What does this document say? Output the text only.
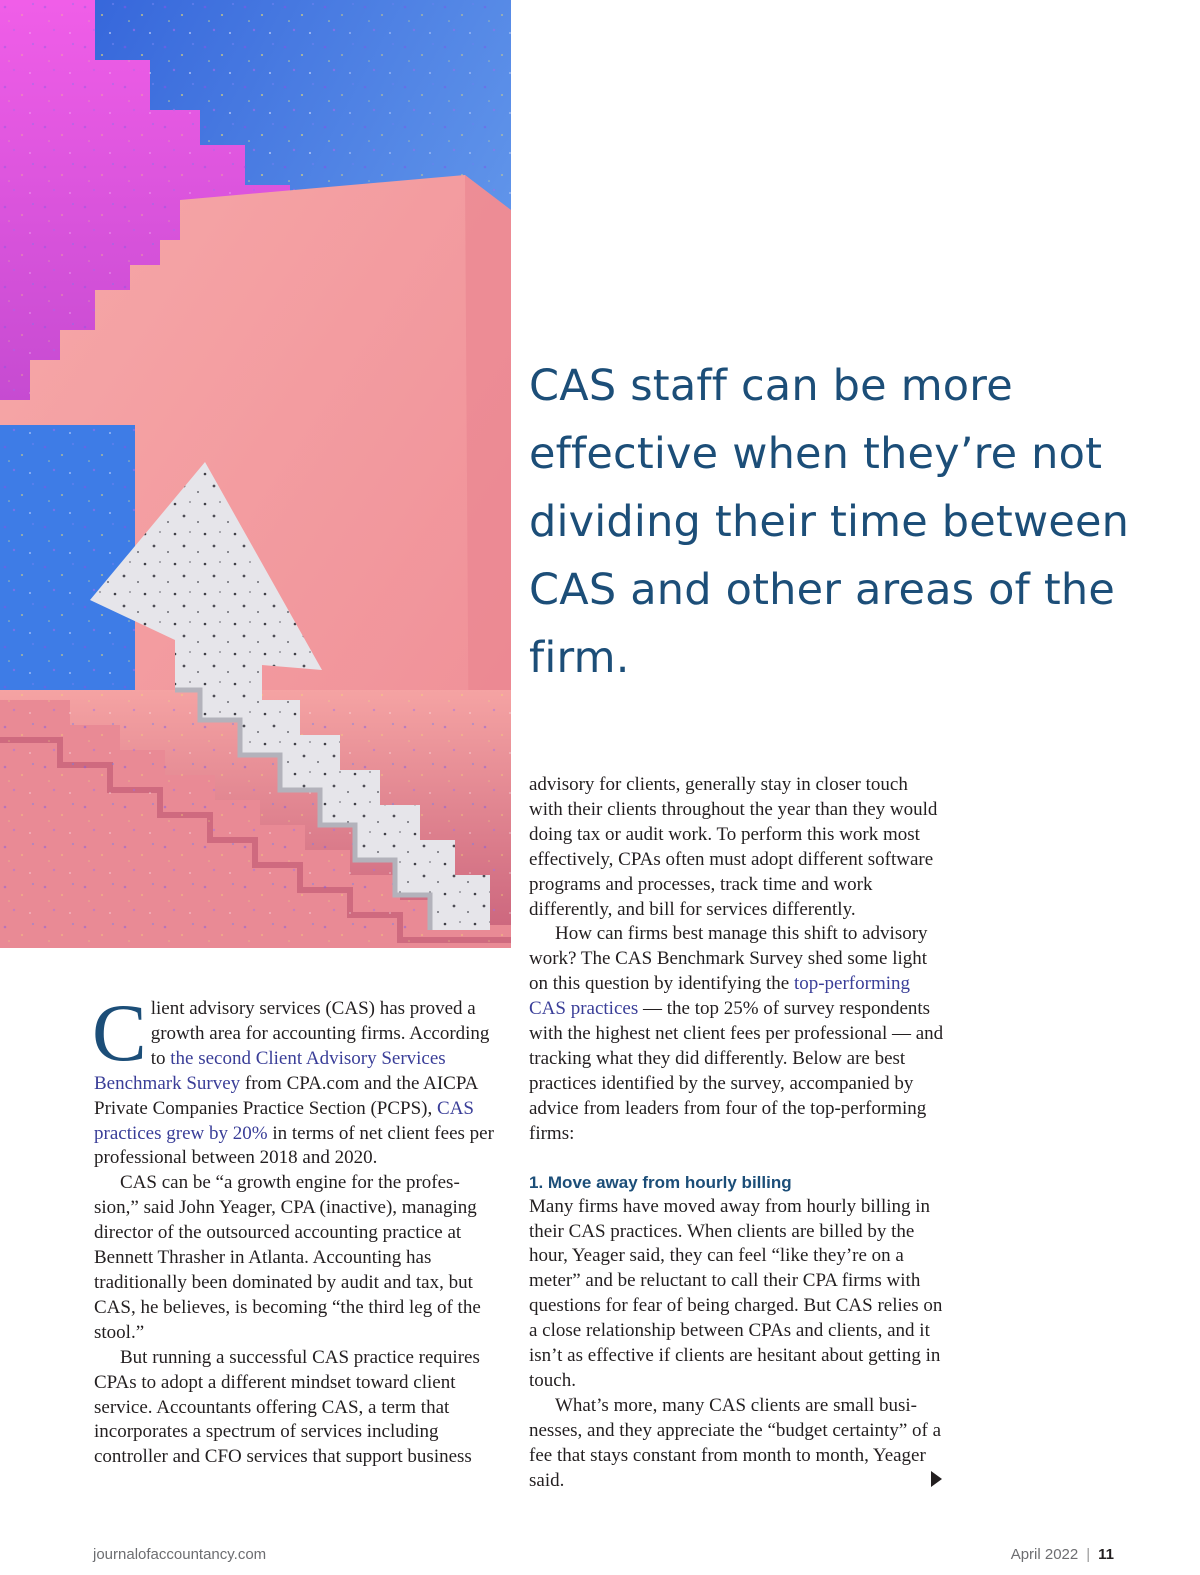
CAS staff can be more effective when they’re not dividing their time between CAS and other areas of the firm.

Client advisory services (CAS) has proved a growth area for accounting firms. According to the second Client Advisory Services Benchmark Survey from CPA.com and the AICPA Private Companies Practice Section (PCPS), CAS practices grew by 20% in terms of net client fees per professional between 2018 and 2020.

CAS can be “a growth engine for the profession,” said John Yeager, CPA (inactive), managing director of the outsourced accounting practice at Bennett Thrasher in Atlanta. Accounting has traditionally been dominated by audit and tax, but CAS, he believes, is becoming “the third leg of the stool.”

But running a successful CAS practice requires CPAs to adopt a different mindset toward client service. Accountants offering CAS, a term that incorporates a spectrum of services including controller and CFO services that support business

advisory for clients, generally stay in closer touch with their clients throughout the year than they would doing tax or audit work. To perform this work most effectively, CPAs often must adopt different software programs and processes, track time and work differently, and bill for services differently.

How can firms best manage this shift to advisory work? The CAS Benchmark Survey shed some light on this question by identifying the top-performing CAS practices — the top 25% of survey respondents with the highest net client fees per professional — and tracking what they did differently. Below are best practices identified by the survey, accompanied by advice from leaders from four of the top-performing firms:

1. Move away from hourly billing

Many firms have moved away from hourly billing in their CAS practices. When clients are billed by the hour, Yeager said, they can feel “like they’re on a meter” and be reluctant to call their CPA firms with questions for fear of being charged. But CAS relies on a close relationship between CPAs and clients, and it isn’t as effective if clients are hesitant about getting in touch.

What’s more, many CAS clients are small businesses, and they appreciate the “budget certainty” of a fee that stays constant from month to month, Yeager said.

journalofaccountancy.com	April 2022 | 11
